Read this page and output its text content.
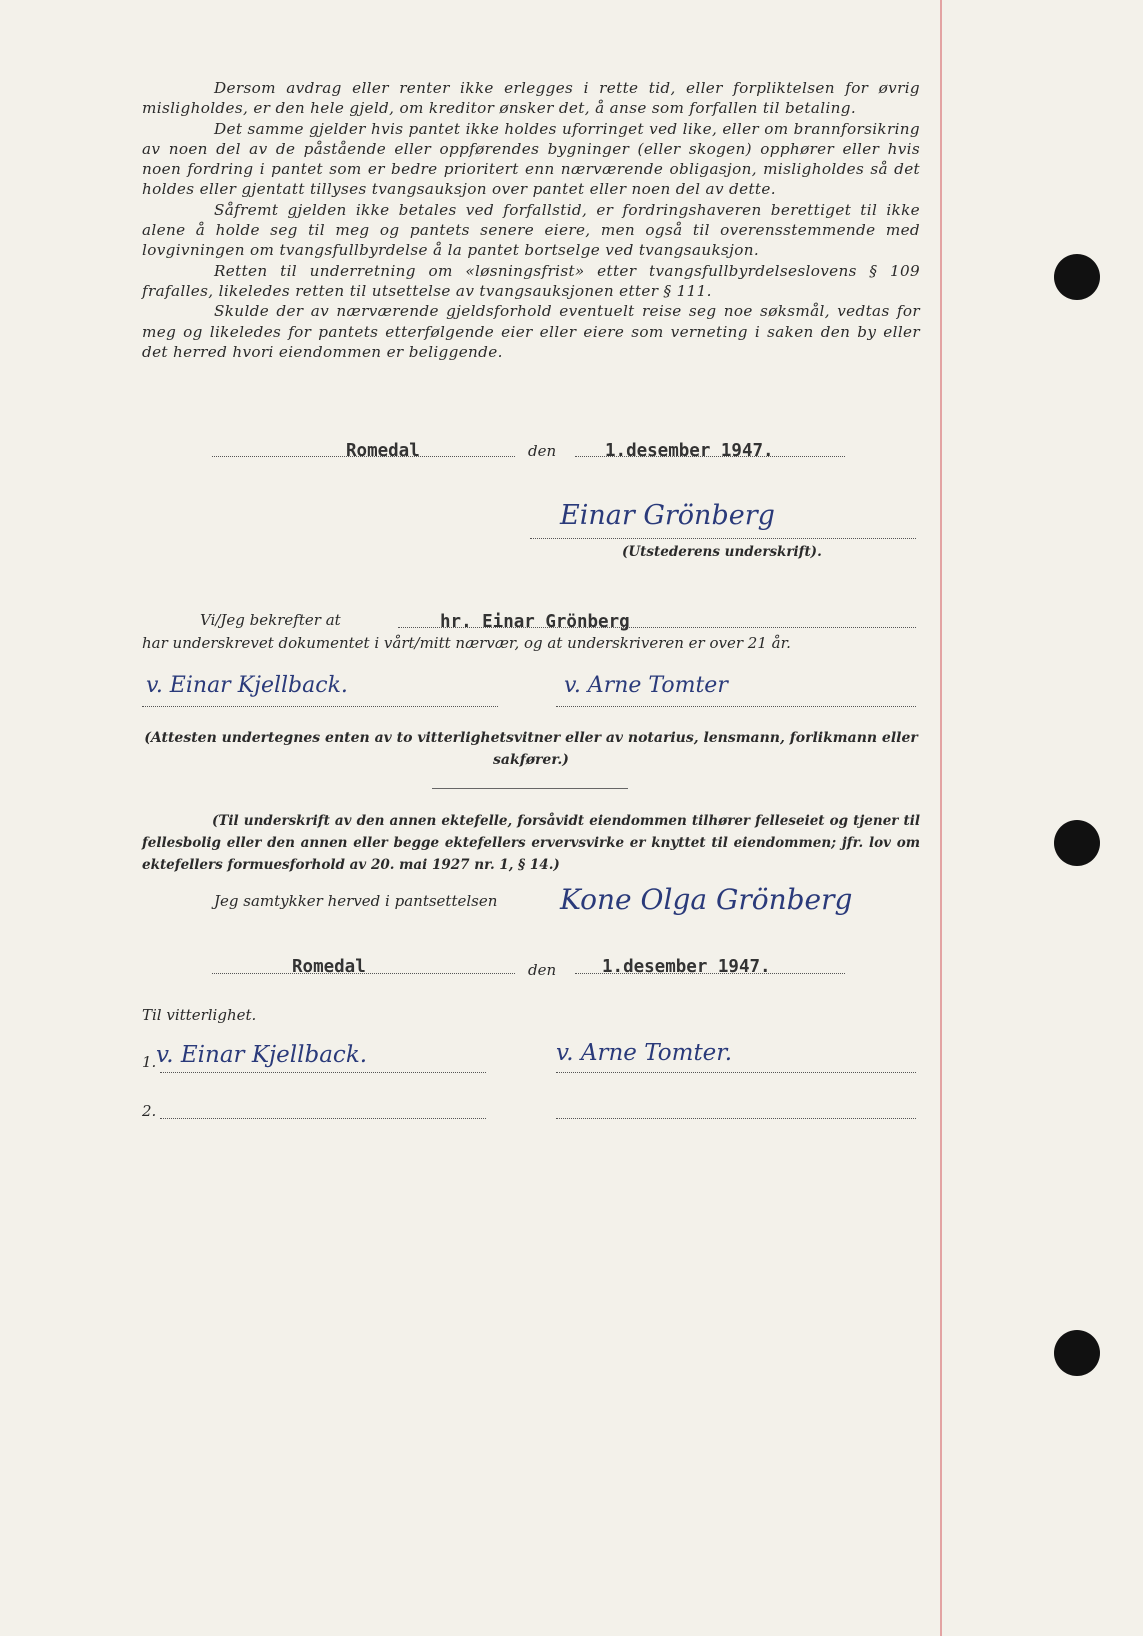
Dersom avdrag eller renter ikke erlegges i rette tid, eller forpliktelsen for øvrig misligholdes, er den hele gjeld, om kreditor ønsker det, å anse som forfallen til betaling.

Det samme gjelder hvis pantet ikke holdes uforringet ved like, eller om brannforsikring av noen del av de påstående eller oppførendes bygninger (eller skogen) opphører eller hvis noen fordring i pantet som er bedre prioritert enn nærværende obligasjon, misligholdes så det holdes eller gjentatt tillyses tvangsauksjon over pantet eller noen del av dette.

Såfremt gjelden ikke betales ved forfallstid, er fordringshaveren berettiget til ikke alene å holde seg til meg og pantets senere eiere, men også til overensstemmende med lovgivningen om tvangsfullbyrdelse å la pantet bortselge ved tvangsauksjon.

Retten til underretning om «løsningsfrist» etter tvangsfullbyrdelseslovens § 109 frafalles, likeledes retten til utsettelse av tvangsauksjonen etter § 111.

Skulde der av nærværende gjeldsforhold eventuelt reise seg noe søksmål, vedtas for meg og likeledes for pantets etterfølgende eier eller eiere som verneting i saken den by eller det herred hvori eiendommen er beliggende.

Romedal	den	1.desember 1947.
Einar Grönberg
(Utstederens underskrift).
Vi/Jeg bekrefter at	hr. Einar Grönberg
har underskrevet dokumentet i vårt/mitt nærvær, og at underskriveren er over 21 år.
v. Einar Kjellback.	v. Arne Tomter
(Attesten undertegnes enten av to vitterlighetsvitner eller av notarius, lensmann, forlikmann eller sakfører.)
(Til underskrift av den annen ektefelle, forsåvidt eiendommen tilhører felleseiet og tjener til fellesbolig eller den annen eller begge ektefellers ervervsvirke er knyttet til eiendommen; jfr. lov om ektefellers formuesforhold av 20. mai 1927 nr. 1, § 14.)
Jeg samtykker herved i pantsettelsen Kone Olga Grönberg
Romedal	den	1.desember 1947.
Til vitterlighet.
1. v. Einar Kjellback.	v. Arne Tomter.
2.
